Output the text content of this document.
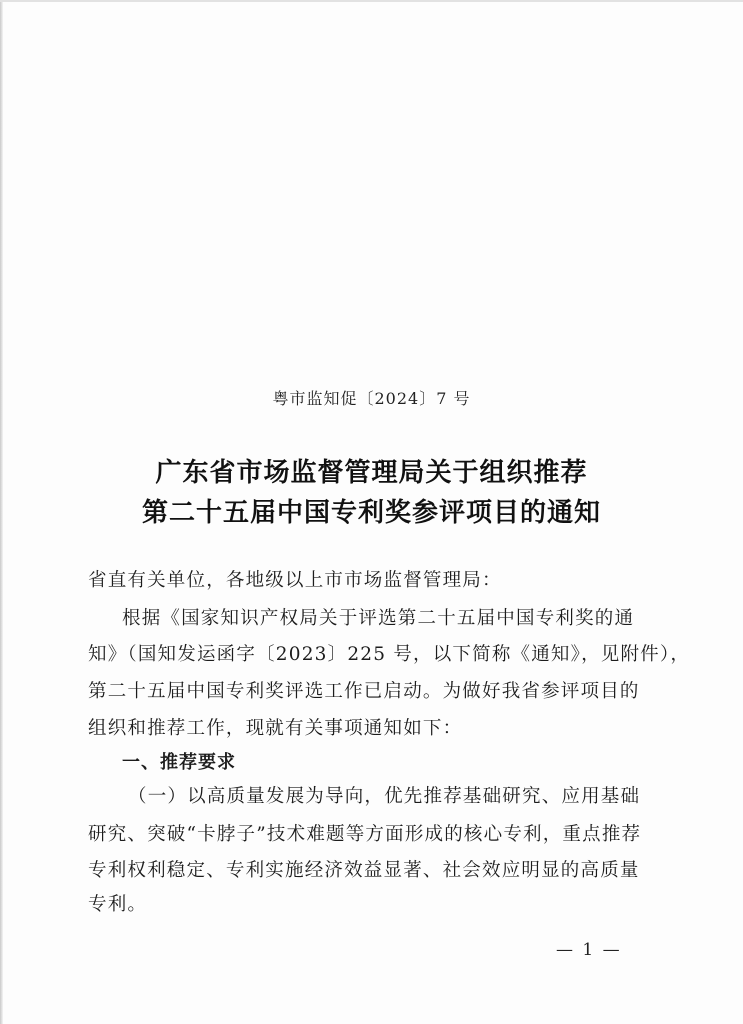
粤市监知促〔2024〕7 号
广东省市场监督管理局关于组织推荐
第二十五届中国专利奖参评项目的通知
省直有关单位，各地级以上市市场监督管理局：
根据《国家知识产权局关于评选第二十五届中国专利奖的通
知》（国知发运函字〔2023〕225 号，以下简称《通知》，见附件），
第二十五届中国专利奖评选工作已启动。为做好我省参评项目的
组织和推荐工作，现就有关事项通知如下：
一、推荐要求
（一）以高质量发展为导向，优先推荐基础研究、应用基础
研究、突破“卡脖子”技术难题等方面形成的核心专利，重点推荐
专利权利稳定、专利实施经济效益显著、社会效应明显的高质量
专利。
— 1 —
